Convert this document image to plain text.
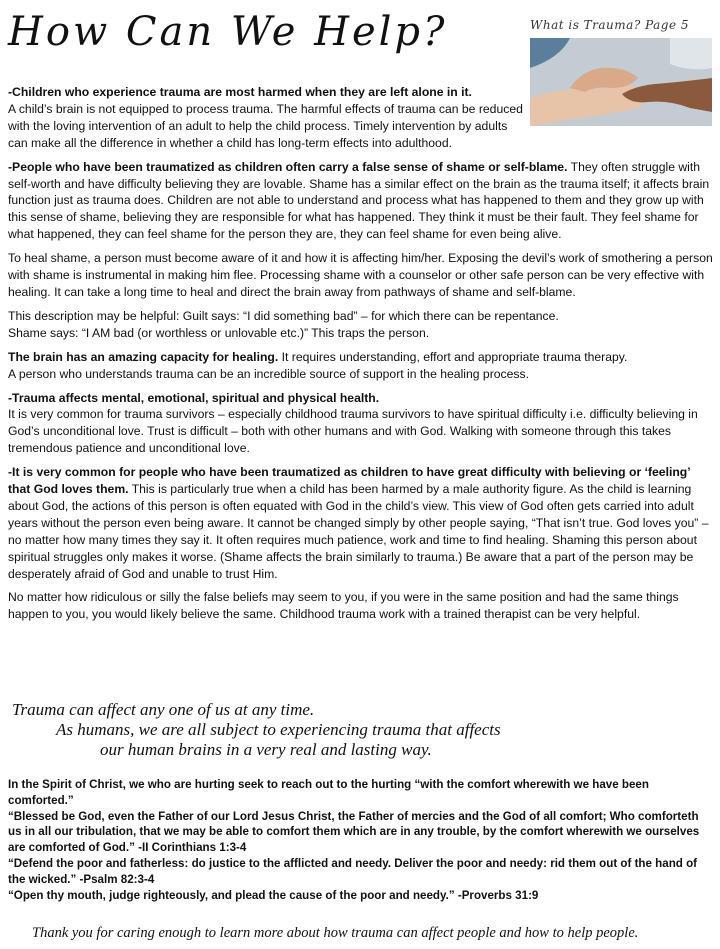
How Can We Help?	What is Trauma? Page 5

-Children who experience trauma are most harmed when they are left alone in it.
A child’s brain is not equipped to process trauma. The harmful effects of trauma can be reduced with the loving intervention of an adult to help the child process. Timely intervention by adults can make all the difference in whether a child has long-term effects into adulthood.

-People who have been traumatized as children often carry a false sense of shame or self-blame. They often struggle with self-worth and have difficulty believing they are lovable. Shame has a similar effect on the brain as the trauma itself; it affects brain function just as trauma does. Children are not able to understand and process what has happened to them and they grow up with this sense of shame, believing they are responsible for what has happened. They think it must be their fault. They feel shame for what happened, they can feel shame for the person they are, they can feel shame for even being alive.

To heal shame, a person must become aware of it and how it is affecting him/her. Exposing the devil’s work of smothering a person with shame is instrumental in making him flee. Processing shame with a counselor or other safe person can be very effective with healing. It can take a long time to heal and direct the brain away from pathways of shame and self-blame.

This description may be helpful: Guilt says: “I did something bad” – for which there can be repentance.
Shame says: “I AM bad (or worthless or unlovable etc.)” This traps the person.

The brain has an amazing capacity for healing. It requires understanding, effort and appropriate trauma therapy.
A person who understands trauma can be an incredible source of support in the healing process.

-Trauma affects mental, emotional, spiritual and physical health.
It is very common for trauma survivors – especially childhood trauma survivors to have spiritual difficulty i.e. difficulty believing in God’s unconditional love. Trust is difficult – both with other humans and with God. Walking with someone through this takes tremendous patience and unconditional love.

-It is very common for people who have been traumatized as children to have great difficulty with believing or ‘feeling’ that God loves them. This is particularly true when a child has been harmed by a male authority figure. As the child is learning about God, the actions of this person is often equated with God in the child’s view. This view of God often gets carried into adult years without the person even being aware. It cannot be changed simply by other people saying, “That isn’t true. God loves you” – no matter how many times they say it. It often requires much patience, work and time to find healing. Shaming this person about spiritual struggles only makes it worse. (Shame affects the brain similarly to trauma.) Be aware that a part of the person may be desperately afraid of God and unable to trust Him.

No matter how ridiculous or silly the false beliefs may seem to you, if you were in the same position and had the same things happen to you, you would likely believe the same. Childhood trauma work with a trained therapist can be very helpful.

Trauma can affect any one of us at any time.
As humans, we are all subject to experiencing trauma that affects
our human brains in a very real and lasting way.
In the Spirit of Christ, we who are hurting seek to reach out to the hurting “with the comfort wherewith we have been comforted.”
“Blessed be God, even the Father of our Lord Jesus Christ, the Father of mercies and the God of all comfort; Who comforteth us in all our tribulation, that we may be able to comfort them which are in any trouble, by the comfort wherewith we ourselves are comforted of God.” -II Corinthians 1:3-4
“Defend the poor and fatherless: do justice to the afflicted and needy. Deliver the poor and needy: rid them out of the hand of the wicked.” -Psalm 82:3-4
“Open thy mouth, judge righteously, and plead the cause of the poor and needy.” -Proverbs 31:9
Thank you for caring enough to learn more about how trauma can affect people and how to help people.
